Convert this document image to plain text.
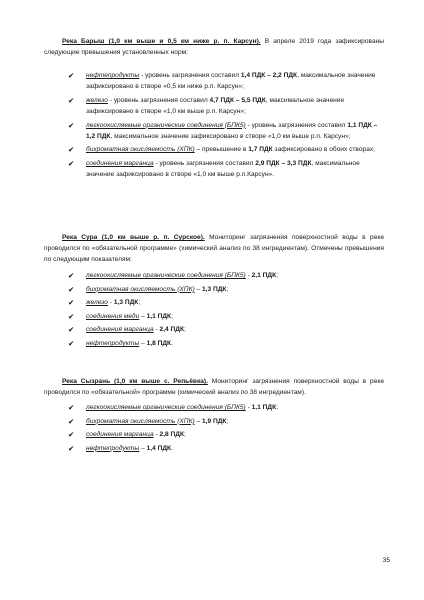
Река Барыш (1,0 км выше и 0,5 км ниже р. п. Карсун). В апреле 2019 года зафиксированы следующие превышения установленных норм:

✔ нефтепродукты - уровень загрязнения составил 1,4 ПДК – 2,2 ПДК, максимальное значение зафиксировано в створе «0,5 км ниже р.п. Карсун»;
✔ железо - уровень загрязнения составил 4,7 ПДК – 5,5 ПДК, максимальное значение зафиксировано в створе «1,0 км выше р.п. Карсун»;
✔ легкоокисляемые органические соединения (БПК5) - уровень загрязнения составил 1,1 ПДК – 1,2 ПДК, максимальное значение зафиксировано в створе «1,0 км выше р.п. Карсун»;
✔ бихроматная окисляемость (ХПК) – превышение в 1,7 ПДК зафиксировано в обоих створах;
✔ соединения марганца - уровень загрязнения составил 2,9 ПДК – 3,3 ПДК, максимальное значение зафиксировано в створе «1,0 км выше р.п.Карсун».

Река Сура (1,0 км выше р. п. Сурское). Мониторинг загрязнения поверхностной воды в реке проводился по «обязательной программе» (химический анализ по 38 ингредиентам). Отмечены превышения по следующим показателям:

✔ легкоокисляемые органические соединения (БПК5) - 2,1 ПДК;
✔ бихроматная окисляемость (ХПК) – 1,3 ПДК;
✔ железо - 1,3 ПДК;
✔ соединения меди – 1,1 ПДК;
✔ соединения марганца - 2,4 ПДК;
✔ нефтепродукты – 1,8 ПДК.

Река Сызрань (1,0 км выше с. Репьёвка). Мониторинг загрязнения поверхностной воды в реке проводился по «обязательной» программе (химический анализ по 38 ингредиентам).

✔ легкоокисляемые органические соединения (БПК5) - 1,1 ПДК;
✔ бихроматная окисляемость (ХПК) – 1,9 ПДК;
✔ соединения марганца - 2,8 ПДК;
✔ нефтепродукты – 1,4 ПДК.
35
